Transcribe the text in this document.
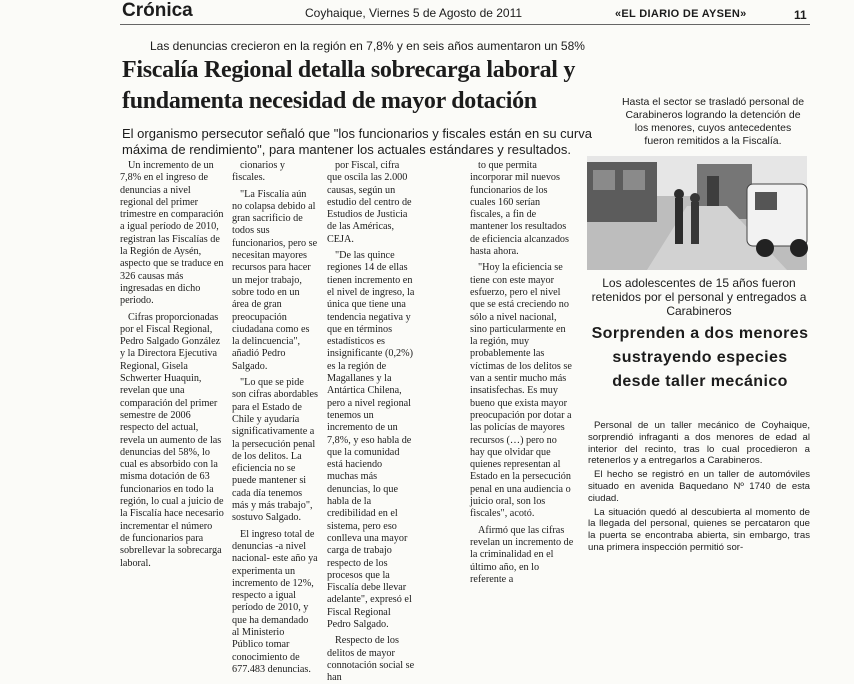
Crónica	Coyhaique, Viernes 5 de Agosto de 2011	«EL DIARIO DE AYSEN»	11
Las denuncias crecieron en la región en 7,8% y en seis años aumentaron un 58%
Fiscalía Regional detalla sobrecarga laboral y fundamenta necesidad de mayor dotación
El organismo persecutor señaló que "los funcionarios y fiscales están en su curva máxima de rendimiento", para mantener los actuales estándares y resultados.

Un incremento de un 7,8% en el ingreso de denuncias a nivel regional del primer trimestre en comparación a igual período de 2010, registran las Fiscalías de la Región de Aysén, aspecto que se traduce en 326 causas más ingresadas en dicho periodo.

Cifras proporcionadas por el Fiscal Regional, Pedro Salgado González y la Directora Ejecutiva Regional, Gisela Schwerter Huaquin, revelan que una comparación del primer semestre de 2006 respecto del actual, revela un aumento de las denuncias del 58%, lo cual es absorbido con la misma dotación de 63 funcionarios en todo la región, lo cual a juicio de la Fiscalía hace necesario incrementar el número de funcionarios para sobrellevar la sobrecarga laboral.

cionarios y fiscales.

"La Fiscalía aún no colapsa debido al gran sacrificio de todos sus funcionarios, pero se necesitan mayores recursos para hacer un mejor trabajo, sobre todo en un área de gran preocupación ciudadana como es la delincuencia", añadió Pedro Salgado.

"Lo que se pide son cifras abordables para el Estado de Chile y ayudaría significativamente a la persecución penal de los delitos. La eficiencia no se puede mantener si cada día tenemos más y más trabajo", sostuvo Salgado.

El ingreso total de denuncias -a nivel nacional- este año ya experimenta un incremento de 12%, respecto a igual período de 2010, y que ha demandado al Ministerio Público tomar conocimiento de 677.483 denuncias.

por Fiscal, cifra que oscila las 2.000 causas, según un estudio del centro de Estudios de Justicia de las Américas, CEJA.

"De las quince regiones 14 de ellas tienen incremento en el nivel de ingreso, la única que tiene una tendencia negativa y que en términos estadísticos es insignificante (0,2%) es la región de Magallanes y la Antártica Chilena, pero a nivel regional tenemos un incremento de un 7,8%, y eso habla de que la comunidad está haciendo muchas más denuncias, lo que habla de la credibilidad en el sistema, pero eso conlleva una mayor carga de trabajo respecto de los procesos que la Fiscalía debe llevar adelante", expresó el Fiscal Regional Pedro Salgado.

Respecto de los delitos de mayor connotación social se han

to que permita incorporar mil nuevos funcionarios de los cuales 160 serían fiscales, a fin de mantener los resultados de eficiencia alcanzados hasta ahora.

"Hoy la eficiencia se tiene con este mayor esfuerzo, pero el nivel que se está creciendo no sólo a nivel nacional, sino particularmente en la región, muy probablemente las víctimas de los delitos se van a sentir mucho más insatisfechas. Es muy bueno que exista mayor preocupación por dotar a las policías de mayores recursos (…) pero no hay que olvidar que quienes representan al Estado en la persecución penal en una audiencia o juicio oral, son los fiscales", acotó.

Afirmó que las cifras revelan un incremento de la criminalidad en el último año, en lo referente a

Hasta el sector se trasladó personal de Carabineros logrando la detención de los menores, cuyos antecedentes fueron remitidos a la Fiscalía.
Los adolescentes de 15 años fueron retenidos por el personal y entregados a Carabineros
Sorprenden a dos menores sustrayendo especies desde taller mecánico

Personal de un taller mecánico de Coyhaique, sorprendió infraganti a dos menores de edad al interior del recinto, tras lo cual procedieron a retenerlos y a entregarlos a Carabineros.

El hecho se registró en un taller de automóviles situado en avenida Baquedano Nº 1740 de esta ciudad.

La situación quedó al descubierta al momento de la llegada del personal, quienes se percataron que la puerta se encontraba abierta, sin embargo, tras una primera inspección permitió sor-
